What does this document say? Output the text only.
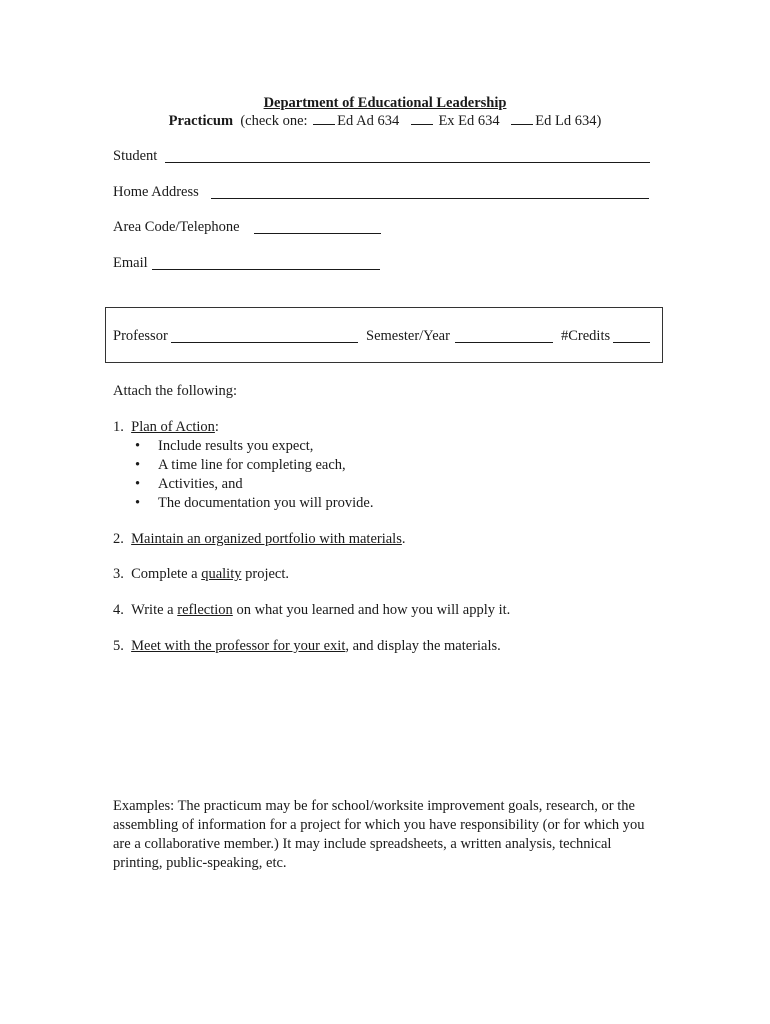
Department of Educational Leadership
Practicum (check one: Ed Ad 634	Ex Ed 634 Ed Ld 634)
Student
Home Address
Area Code/Telephone
Email
Professor	Semester/Year	#Credits
Attach the following:
1. Plan of Action:
• Include results you expect,
• A time line for completing each,
• Activities, and
• The documentation you will provide.
2. Maintain an organized portfolio with materials.
3. Complete a quality project.
4. Write a reflection on what you learned and how you will apply it.
5. Meet with the professor for your exit, and display the materials.
Examples: The practicum may be for school/worksite improvement goals, research, or the assembling of information for a project for which you have responsibility (or for which you are a collaborative member.) It may include spreadsheets, a written analysis, technical printing, public-speaking, etc.
